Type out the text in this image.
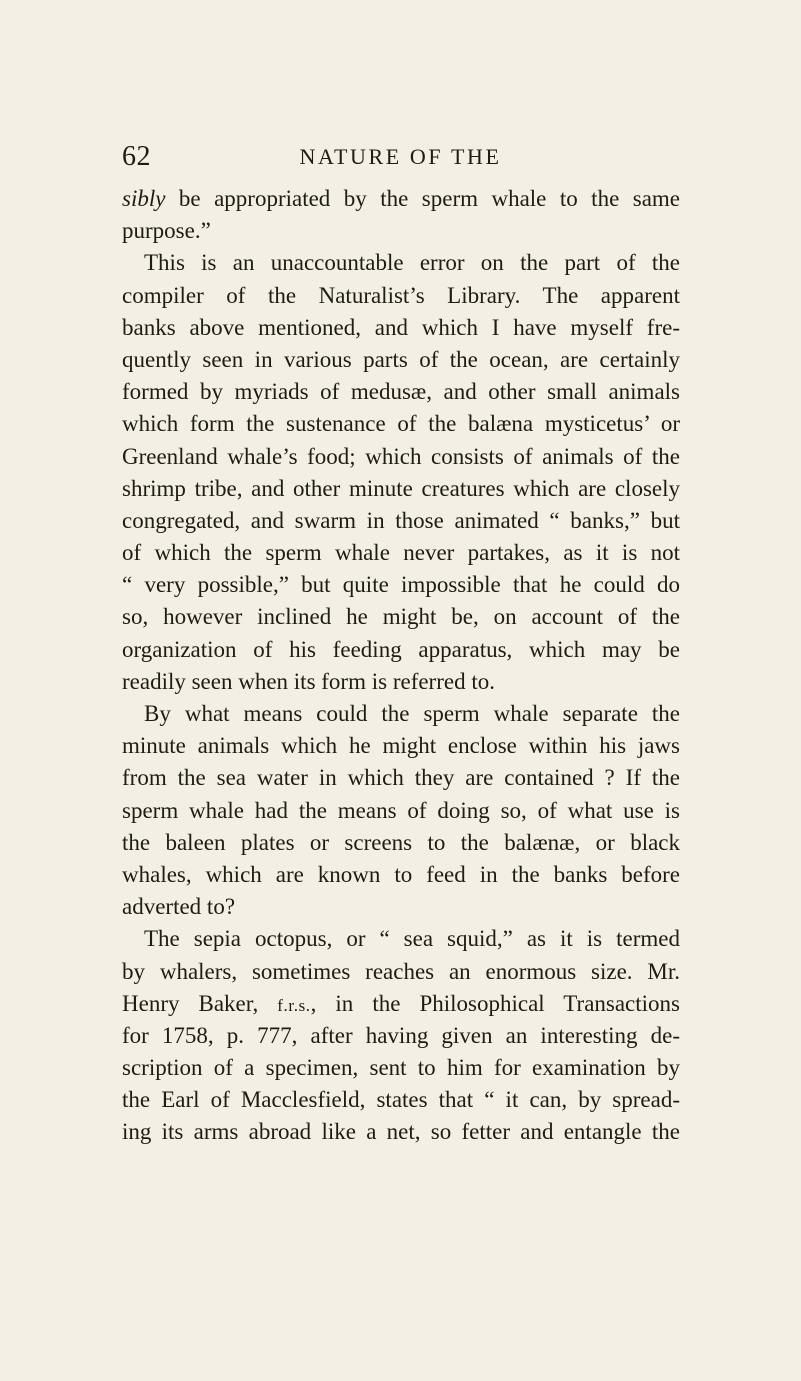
62	NATURE OF THE
sibly be appropriated by the sperm whale to the same
purpose.”
This is an unaccountable error on the part of the
compiler of the Naturalist’s Library. The apparent
banks above mentioned, and which I have myself fre-
quently seen in various parts of the ocean, are certainly
formed by myriads of medusæ, and other small animals
which form the sustenance of the balæna mysticetus’ or
Greenland whale’s food; which consists of animals of the
shrimp tribe, and other minute creatures which are closely
congregated, and swarm in those animated “ banks,” but
of which the sperm whale never partakes, as it is not
“ very possible,” but quite impossible that he could do
so, however inclined he might be, on account of the
organization of his feeding apparatus, which may be
readily seen when its form is referred to.
By what means could the sperm whale separate the
minute animals which he might enclose within his jaws
from the sea water in which they are contained ? If the
sperm whale had the means of doing so, of what use is
the baleen plates or screens to the balænæ, or black
whales, which are known to feed in the banks before
adverted to?
The sepia octopus, or “ sea squid,” as it is termed
by whalers, sometimes reaches an enormous size. Mr.
Henry Baker, f.r.s., in the Philosophical Transactions
for 1758, p. 777, after having given an interesting de-
scription of a specimen, sent to him for examination by
the Earl of Macclesfield, states that “ it can, by spread-
ing its arms abroad like a net, so fetter and entangle the
